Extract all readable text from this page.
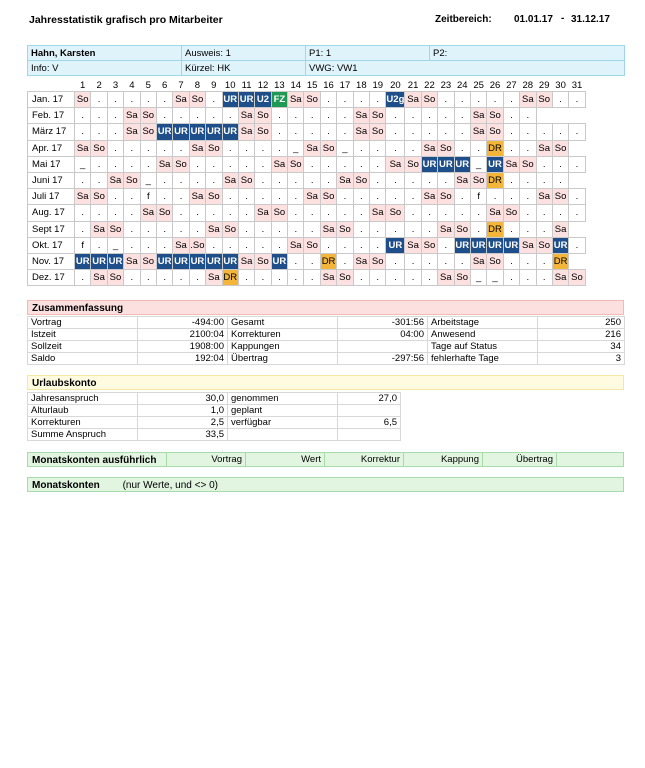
Jahresstatistik grafisch pro Mitarbeiter	Zeitbereich: 01.01.17 - 31.12.17
Hahn, Karsten	Ausweis: 1	P1: 1	P2:
Info: V	Kürzel: HK	VWG: VW1	
	1	2	3	4	5	6	7	8	9	10	11	12	13	14	15	16	17	18	19	20	21	22	23	24	25	26	27	28	29	30	31
Jan. 17	So	.	.	.	.	.	Sa	So	.	UR	UR	U2	FZ	Sa	So	.	.	.	.	U2g	Sa	So	.	.	.	.	.	Sa	So	.	.
Feb. 17	.	.	.	Sa	So	.	.	.	.	.	Sa	So	.	.	.	.	.	Sa	So	.	.	.	.	.	Sa	So	.	.			
März 17	.	.	.	Sa	So	UR	UR	UR	UR	UR	Sa	So	.	.	.	.	.	Sa	So	.	.	.	.	.	Sa	So	.	.	.	.	.
Apr. 17	Sa	So	.	.	.	.	.	Sa	So	.	.	.	.	_	Sa	So	_	.	.	.	.	Sa	So	.	.	DR	.	.	Sa	So	
Mai 17	_	.	.	.	.	Sa	So	.	.	.	.	.	Sa	So	.	.	.	.	.	Sa	So	UR	UR	UR	_	UR	Sa	So	.	.	.
Juni 17	.	.	Sa	So	_	.	.	.	.	Sa	So	.	.	.	.	.	Sa	So	.	.	.	.	.	Sa	So	DR	.	.	.	.	
Juli 17	Sa	So	.	.	f	.	.	Sa	So	.	.	.	.	.	Sa	So	.	.	.	.	.	Sa	So	.	f	.	.	.	Sa	So	.
Aug. 17	.	.	.	.	Sa	So	.	.	.	.	.	Sa	So	.	.	.	.	.	Sa	So	.	.	.	.	.	Sa	So	.	.	.	.
Sept 17	.	Sa	So	.	.	.	.	.	Sa	So	.	.	.	.	.	Sa	So	.	.	.	.	.	Sa	So	.	DR	.	.	.	Sa	
Okt. 17	f	.	_	.	.	.	Sa	.So	.	.	.	.	.	Sa	So	.	.	.	.	UR	Sa	So	.	UR	UR	UR	UR	Sa	So	UR	.
Nov. 17	UR	UR	UR	Sa	So	UR	UR	UR	UR	UR	Sa	So	UR	.	.	DR	.	Sa	So	.	.	.	.	.	Sa	So	.	.	.	DR	
Dez. 17	.	Sa	So	.	.	.	.	.	Sa	DR	.	.	.	.	.	Sa	So	.	.	.	.	.	Sa	So	_	_	.	.	.	Sa	So
Zusammenfassung
Vortrag	-494:00	Gesamt	-301:56	Arbeitstage	250
Istzeit	2100:04	Korrekturen	04:00	Anwesend	216
Sollzeit	1908:00	Kappungen		Tage auf Status	34
Saldo	192:04	Übertrag	-297:56	fehlerhafte Tage	3
Urlaubskonto
Jahresanspruch	30,0	genommen	27,0
Alturlaub	1,0	geplant	
Korrekturen	2,5	verfügbar	6,5
Summe Anspruch	33,5		
Monatskonten ausführlich	Vortrag	Wert	Korrektur	Kappung	Übertrag
Monatskonten (nur Werte, und <> 0)
